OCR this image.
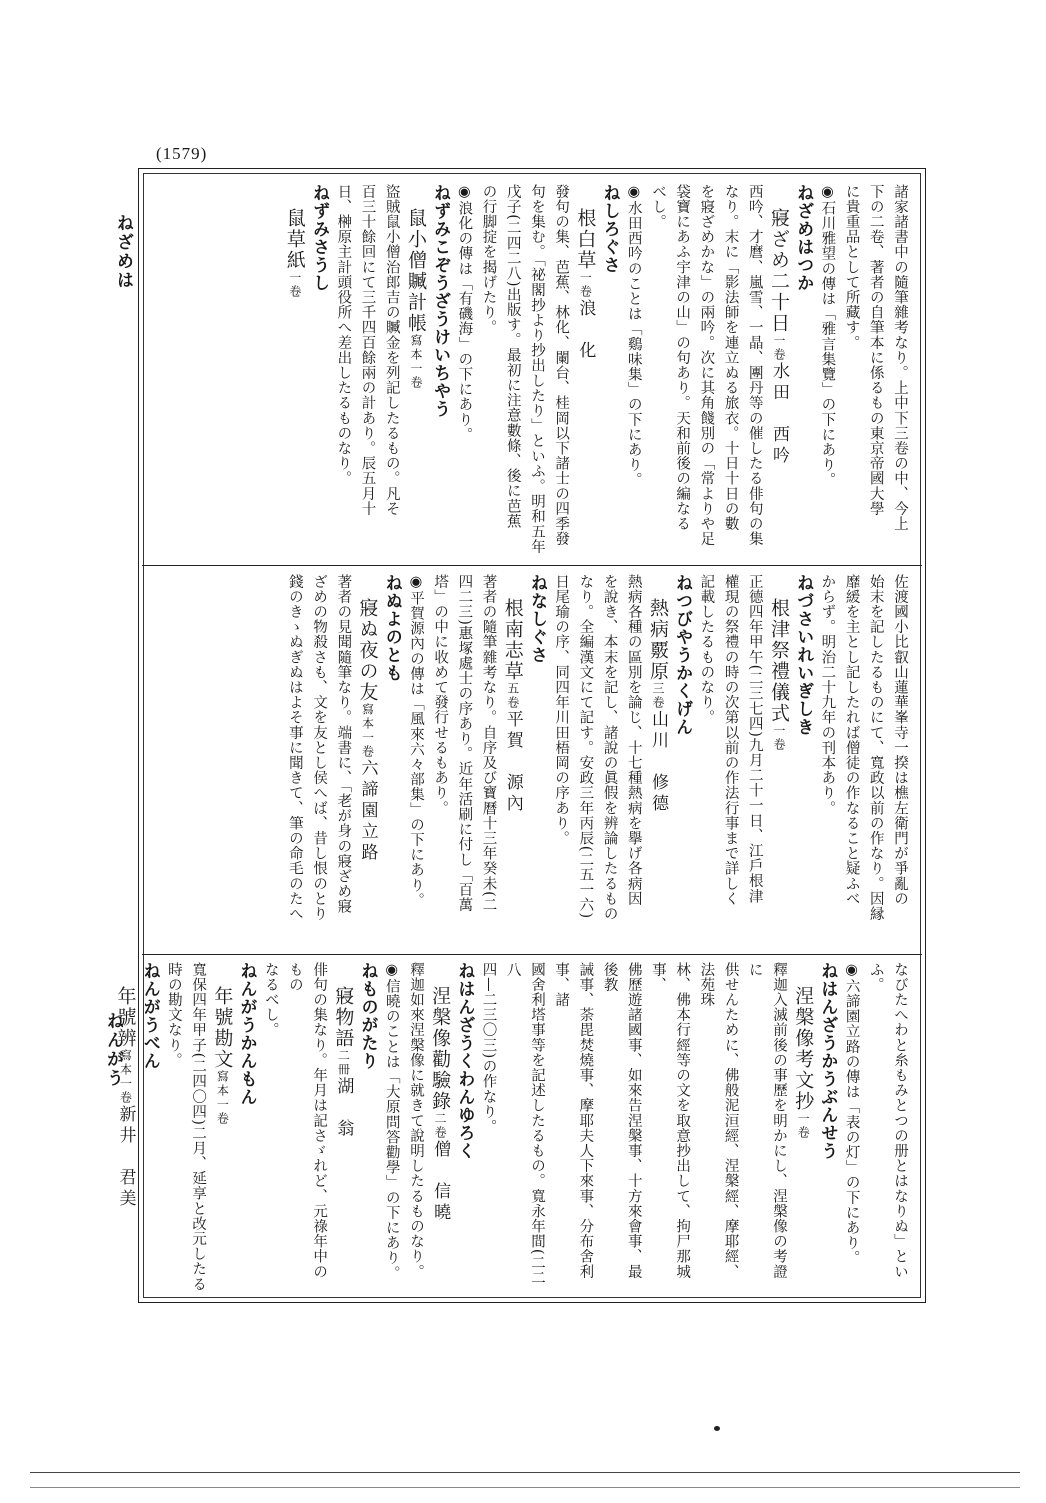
(1579)
ねざめは
ねんがう

諸家諸書中の隨筆雜考なり。上中下三卷の中、今上

下の二卷、著者の自筆本に係るもの東京帝國大學

に貴重品として所藏す。

◉石川雅望の傳は「雅言集覽」の下にあり。

ねざめはつか

寢ざめ二十日一卷水田　西吟

西吟、才麿、嵐雪、一晶、團丹等の催したる俳句の集

なり。末に「影法師を連立ぬる旅衣。十日十日の數

を寢ざめかな」の兩吟。次に其角餞別の「常よりや足

袋寶にあふ宇津の山」の句あり。天和前後の編なる

べし。

◉水田西吟のことは「鷄味集」の下にあり。

ねしろぐさ

根白草一卷浪　化

發句の集、芭蕉、林化、闌台、桂岡以下諸士の四季發

句を集む。「祕閣抄より抄出したり」といふ。明和五年

戊子(二四二八)出版す。最初に注意數條、後に芭蕉

の行脚掟を揭げたり。

◉浪化の傳は「有磯海」の下にあり。

ねずみこぞうざうけいちやう

鼠小僧贓計帳寫本一卷

盜賊鼠小僧治郎吉の贓金を列記したるもの。凡そ

百三十餘回にて三千四百餘兩の計あり。辰五月十

日、榊原主計頭役所へ差出したるものなり。

ねずみさうし

鼠草紙一卷

佐渡國小比叡山蓮華峯寺一揆は樵左衛門が爭亂の

始末を記したるものにて、寬政以前の作なり。因縁

靡緩を主とし記したれば僧徒の作なること疑ふべ

からず。明治二十九年の刊本あり。

ねづさいれいぎしき

根津祭禮儀式一卷

正德四年甲午(二三七四)九月二十一日、江戶根津

權現の祭禮の時の次第以前の作法行事まで詳しく

記載したるものなり。

ねつびやうかくげん

熱病覈原三卷山川　修德

熱病各種の區別を論じ、十七種熱病を擧げ各病因

を說き、本末を記し、諸說の眞假を辨論したるもの

なり。全編漢文にて記す。安政三年丙辰(二五一六)

日尾瑜の序、同四年川田梧岡の序あり。

ねなしぐさ

根南志草五卷平賀　源內

著者の隨筆雜考なり。自序及び寶曆十三年癸未(二

四二三)惠塚處士の序あり。近年活刷に付し「百萬

塔」の中に收めて發行せるもあり。

◉平賀源內の傳は「風來六々部集」の下にあり。

ねぬよのとも

寢ぬ夜の友寫本一卷六諦園立路

著者の見聞隨筆なり。端書に、「老が身の寢ざめ寢

ざめの物殺さも、文を友とし侯へば、昔し恨のとり

錢のきゝぬぎぬはよそ事に聞きて、筆の命毛のたへ

なびたへわと糸もみとつの册とはなりぬ」といふ。

◉六諦園立路の傳は「表の灯」の下にあり。

ねはんざうかうぶんせう

涅槃像考文抄一卷

釋迦入滅前後の事歷を明かにし、涅槃像の考證に

供せんために、佛般泥洹經、涅槃經、摩耶經、法苑珠

林、佛本行經等の文を取意抄出して、拘尸那城事、

佛歷遊諸國事、如來告涅槃事、十方來會事、最後教

誡事、荼毘焚燒事、摩耶夫人下來事、分布舍利事、諸

國舍利塔事等を記述したるもの。寬永年間(二二八

四—二三〇三)の作なり。

ねはんざうくわんゆろく

涅槃像勸驗錄二卷僧　信曉

釋迦如來涅槃像に就きて說明したるものなり。

◉信曉のことは「大原問答勸學」の下にあり。

ねものがたり

寢物語二冊湖　翁

俳句の集なり。年月は記さゞれど、元祿年中のもの

なるべし。

ねんがうかんもん

年號勘文寫本一卷

寬保四年甲子(二四〇四)二月、延享と改元したる

時の勘文なり。

ねんがうべん

年號辨寫本一卷新井　君美
